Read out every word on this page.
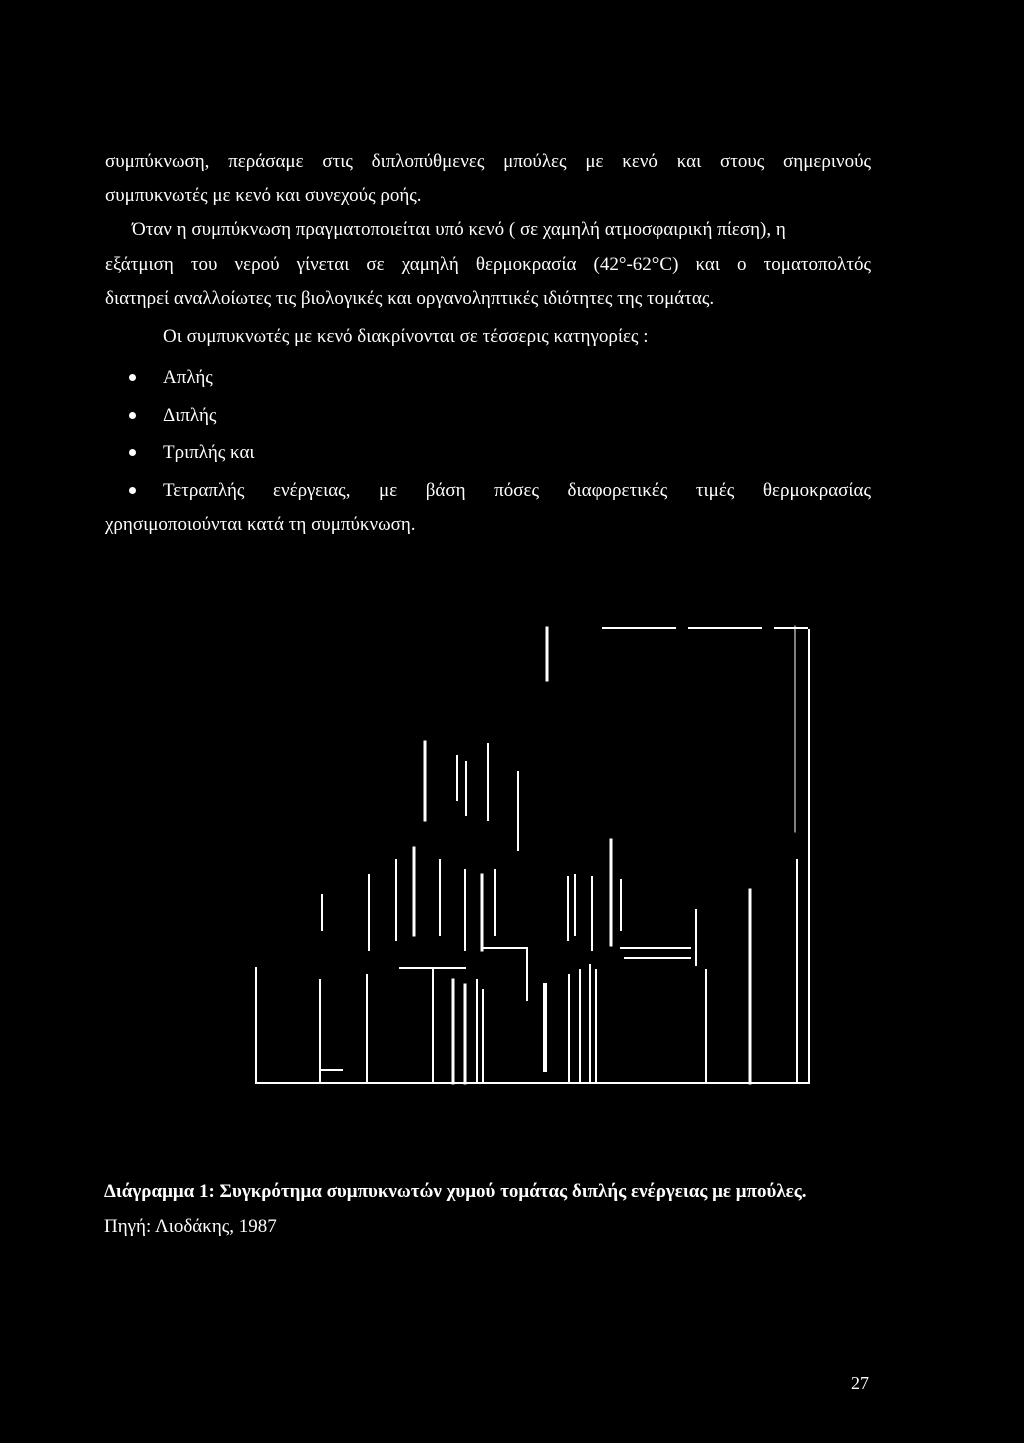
συμπύκνωση, περάσαμε στις διπλοπύθμενες μπούλες με κενό και στους σημερινούς
συμπυκνωτές με κενό και συνεχούς ροής.
Όταν η συμπύκνωση πραγματοποιείται υπό κενό ( σε χαμηλή ατμοσφαιρική πίεση), η
εξάτμιση του νερού γίνεται σε χαμηλή θερμοκρασία (42°-62°C) και ο τοματοπολτός
διατηρεί αναλλοίωτες τις βιολογικές και οργανοληπτικές ιδιότητες της τομάτας.
Οι συμπυκνωτές με κενό διακρίνονται σε τέσσερις κατηγορίες :
Απλής
Διπλής
Τριπλής και
Τετραπλής ενέργειας, με βάση πόσες διαφορετικές τιμές θερμοκρασίας
χρησιμοποιούνται κατά τη συμπύκνωση.
Διάγραμμα 1: Συγκρότημα συμπυκνωτών χυμού τομάτας διπλής ενέργειας με μπούλες.
Πηγή: Λιοδάκης, 1987
27
